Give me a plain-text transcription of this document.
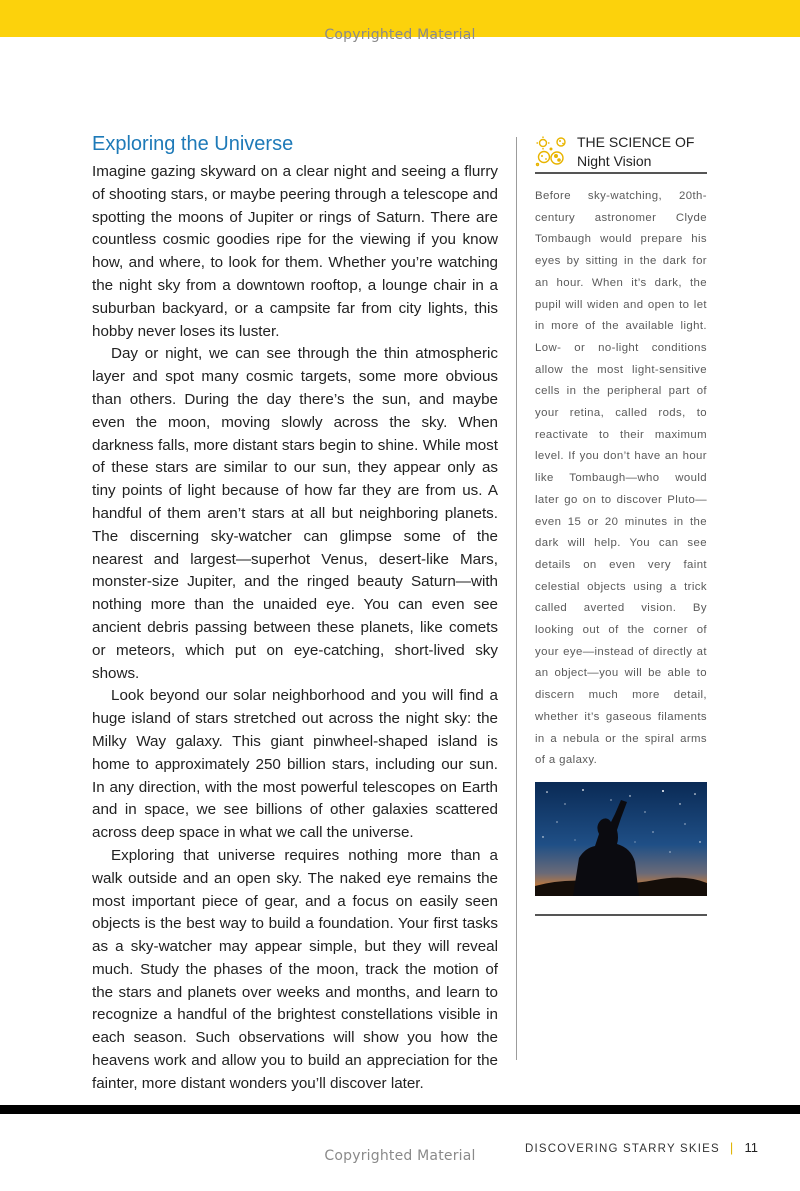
Copyrighted Material
Exploring the Universe

Imagine gazing skyward on a clear night and seeing a flurry of shooting stars, or maybe peering through a telescope and spotting the moons of Jupiter or rings of Saturn. There are countless cosmic goodies ripe for the viewing if you know how, and where, to look for them. Whether you’re watching the night sky from a downtown rooftop, a lounge chair in a suburban backyard, or a campsite far from city lights, this hobby never loses its luster.

Day or night, we can see through the thin atmospheric layer and spot many cosmic targets, some more obvious than others. During the day there’s the sun, and maybe even the moon, moving slowly across the sky. When darkness falls, more distant stars begin to shine. While most of these stars are similar to our sun, they appear only as tiny points of light because of how far they are from us. A handful of them aren’t stars at all but neighboring planets. The discerning sky-watcher can glimpse some of the nearest and largest—superhot Venus, desert-like Mars, monster-size Jupiter, and the ringed beauty Saturn—with nothing more than the unaided eye. You can even see ancient debris passing between these planets, like comets or meteors, which put on eye-catching, short-lived sky shows.

Look beyond our solar neighborhood and you will find a huge island of stars stretched out across the night sky: the Milky Way galaxy. This giant pinwheel-shaped island is home to approximately 250 billion stars, including our sun. In any direction, with the most powerful telescopes on Earth and in space, we see billions of other galaxies scattered across deep space in what we call the universe.

Exploring that universe requires nothing more than a walk outside and an open sky. The naked eye remains the most important piece of gear, and a focus on easily seen objects is the best way to build a foundation. Your first tasks as a sky-watcher may appear simple, but they will reveal much. Study the phases of the moon, track the motion of the stars and planets over weeks and months, and learn to recognize a handful of the brightest constellations visible in each season. Such observations will show you how the heavens work and allow you to build an appreciation for the fainter, more distant wonders you’ll discover later.

THE SCIENCE OF
Night Vision
Before sky-watching, 20th-century astronomer Clyde Tombaugh would prepare his eyes by sitting in the dark for an hour. When it’s dark, the pupil will widen and open to let in more of the available light. Low- or no-light conditions allow the most light-sensitive cells in the peripheral part of your retina, called rods, to reactivate to their maximum level. If you don’t have an hour like Tombaugh—who would later go on to discover Pluto—even 15 or 20 minutes in the dark will help. You can see details on even very faint celestial objects using a trick called averted vision. By looking out of the corner of your eye—instead of directly at an object—you will be able to discern much more detail, whether it’s gaseous filaments in a nebula or the spiral arms of a galaxy.
DISCOVERING STARRY SKIES | 11
Copyrighted Material
